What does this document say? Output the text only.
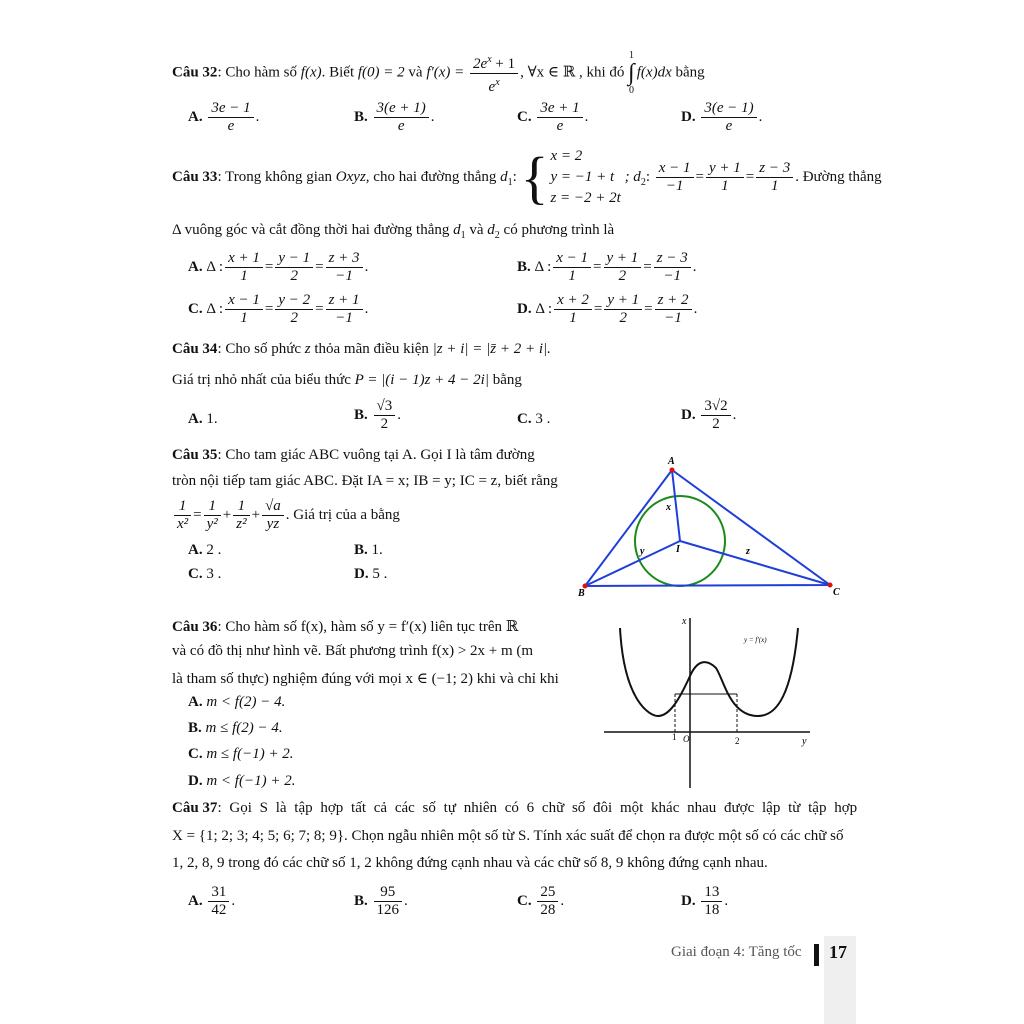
Câu 32: Cho hàm số f(x). Biết f(0) = 2 và $f'(x) = \frac{2e^x + 1}{e^x}$ , ∀x ∈ ℝ , khi đó 1
∫
0f(x)dx bằng
A. $\frac{3e - 1}{e}$ .	B. $\frac{3(e + 1)}{e}$ .	C. $\frac{3e + 1}{e}$ .	D. $\frac{3(e - 1)}{e}$ .
Câu 33: Trong không gian Oxyz, cho hai đường thẳng $d_1$: { x = 2
y = −1 + t
z = −2 + 2t
; $d_2$: $\frac{x - 1}{-1} = \frac{y + 1}{1} = \frac{z - 3}{1}$ . Đường thẳng
Δ vuông góc và cắt đồng thời hai đường thẳng $d_1$ và $d_2$ có phương trình là
A. Δ : $\frac{x + 1}{1} = \frac{y - 1}{2} = \frac{z + 3}{-1}$ .	B. Δ : $\frac{x - 1}{1} = \frac{y + 1}{2} = \frac{z - 3}{-1}$ .
C. Δ : $\frac{x - 1}{1} = \frac{y - 2}{2} = \frac{z + 1}{-1}$ .	D. Δ : $\frac{x + 2}{1} = \frac{y + 1}{2} = \frac{z + 2}{-1}$ .
Câu 34: Cho số phức z thỏa mãn điều kiện |z + i| = |z̄ + 2 + i|.
Giá trị nhỏ nhất của biểu thức P = |(i − 1)z + 4 − 2i| bằng
A. 1.	B. $\frac{√3}{2}$ .	C. 3 .	D. $\frac{3√2}{2}$ .
Câu 35: Cho tam giác ABC vuông tại A. Gọi I là tâm đường
tròn nội tiếp tam giác ABC. Đặt IA = x; IB = y; IC = z, biết rằng
$\frac{1}{\text{x²}} = \frac{1}{\text{y²}} + \frac{1}{\text{z²}} + \frac{√a}{yz}$ . Giá trị của a bằng
A. 2 .	B. 1.
C. 3 .	D. 5 .
A
B	C
I
x
y	z
Câu 36: Cho hàm số f(x), hàm số y = f′(x) liên tục trên ℝ
và có đồ thị như hình vẽ. Bất phương trình f(x) > 2x + m (m
là tham số thực) nghiệm đúng với mọi x ∈ (−1; 2) khi và chỉ khi
A. m < f(2) − 4.
B. m ≤ f(2) − 4.
C. m ≤ f(−1) + 2.
D. m < f(−1) + 2.
x
y
O
1	2
y = f′(x)
Câu 37: Gọi S là tập hợp tất cả các số tự nhiên có 6 chữ số đôi một khác nhau được lập từ tập hợp
X = {1; 2; 3; 4; 5; 6; 7; 8; 9}. Chọn ngẫu nhiên một số từ S. Tính xác suất để chọn ra được một số có các chữ số
1, 2, 8, 9 trong đó các chữ số 1, 2 không đứng cạnh nhau và các chữ số 8, 9 không đứng cạnh nhau.
A. $\frac{31}{42}$ .	B. $\frac{95}{126}$ .	C. $\frac{25}{28}$ .	D. $\frac{13}{18}$ .
Giai đoạn 4: Tăng tốc 17
